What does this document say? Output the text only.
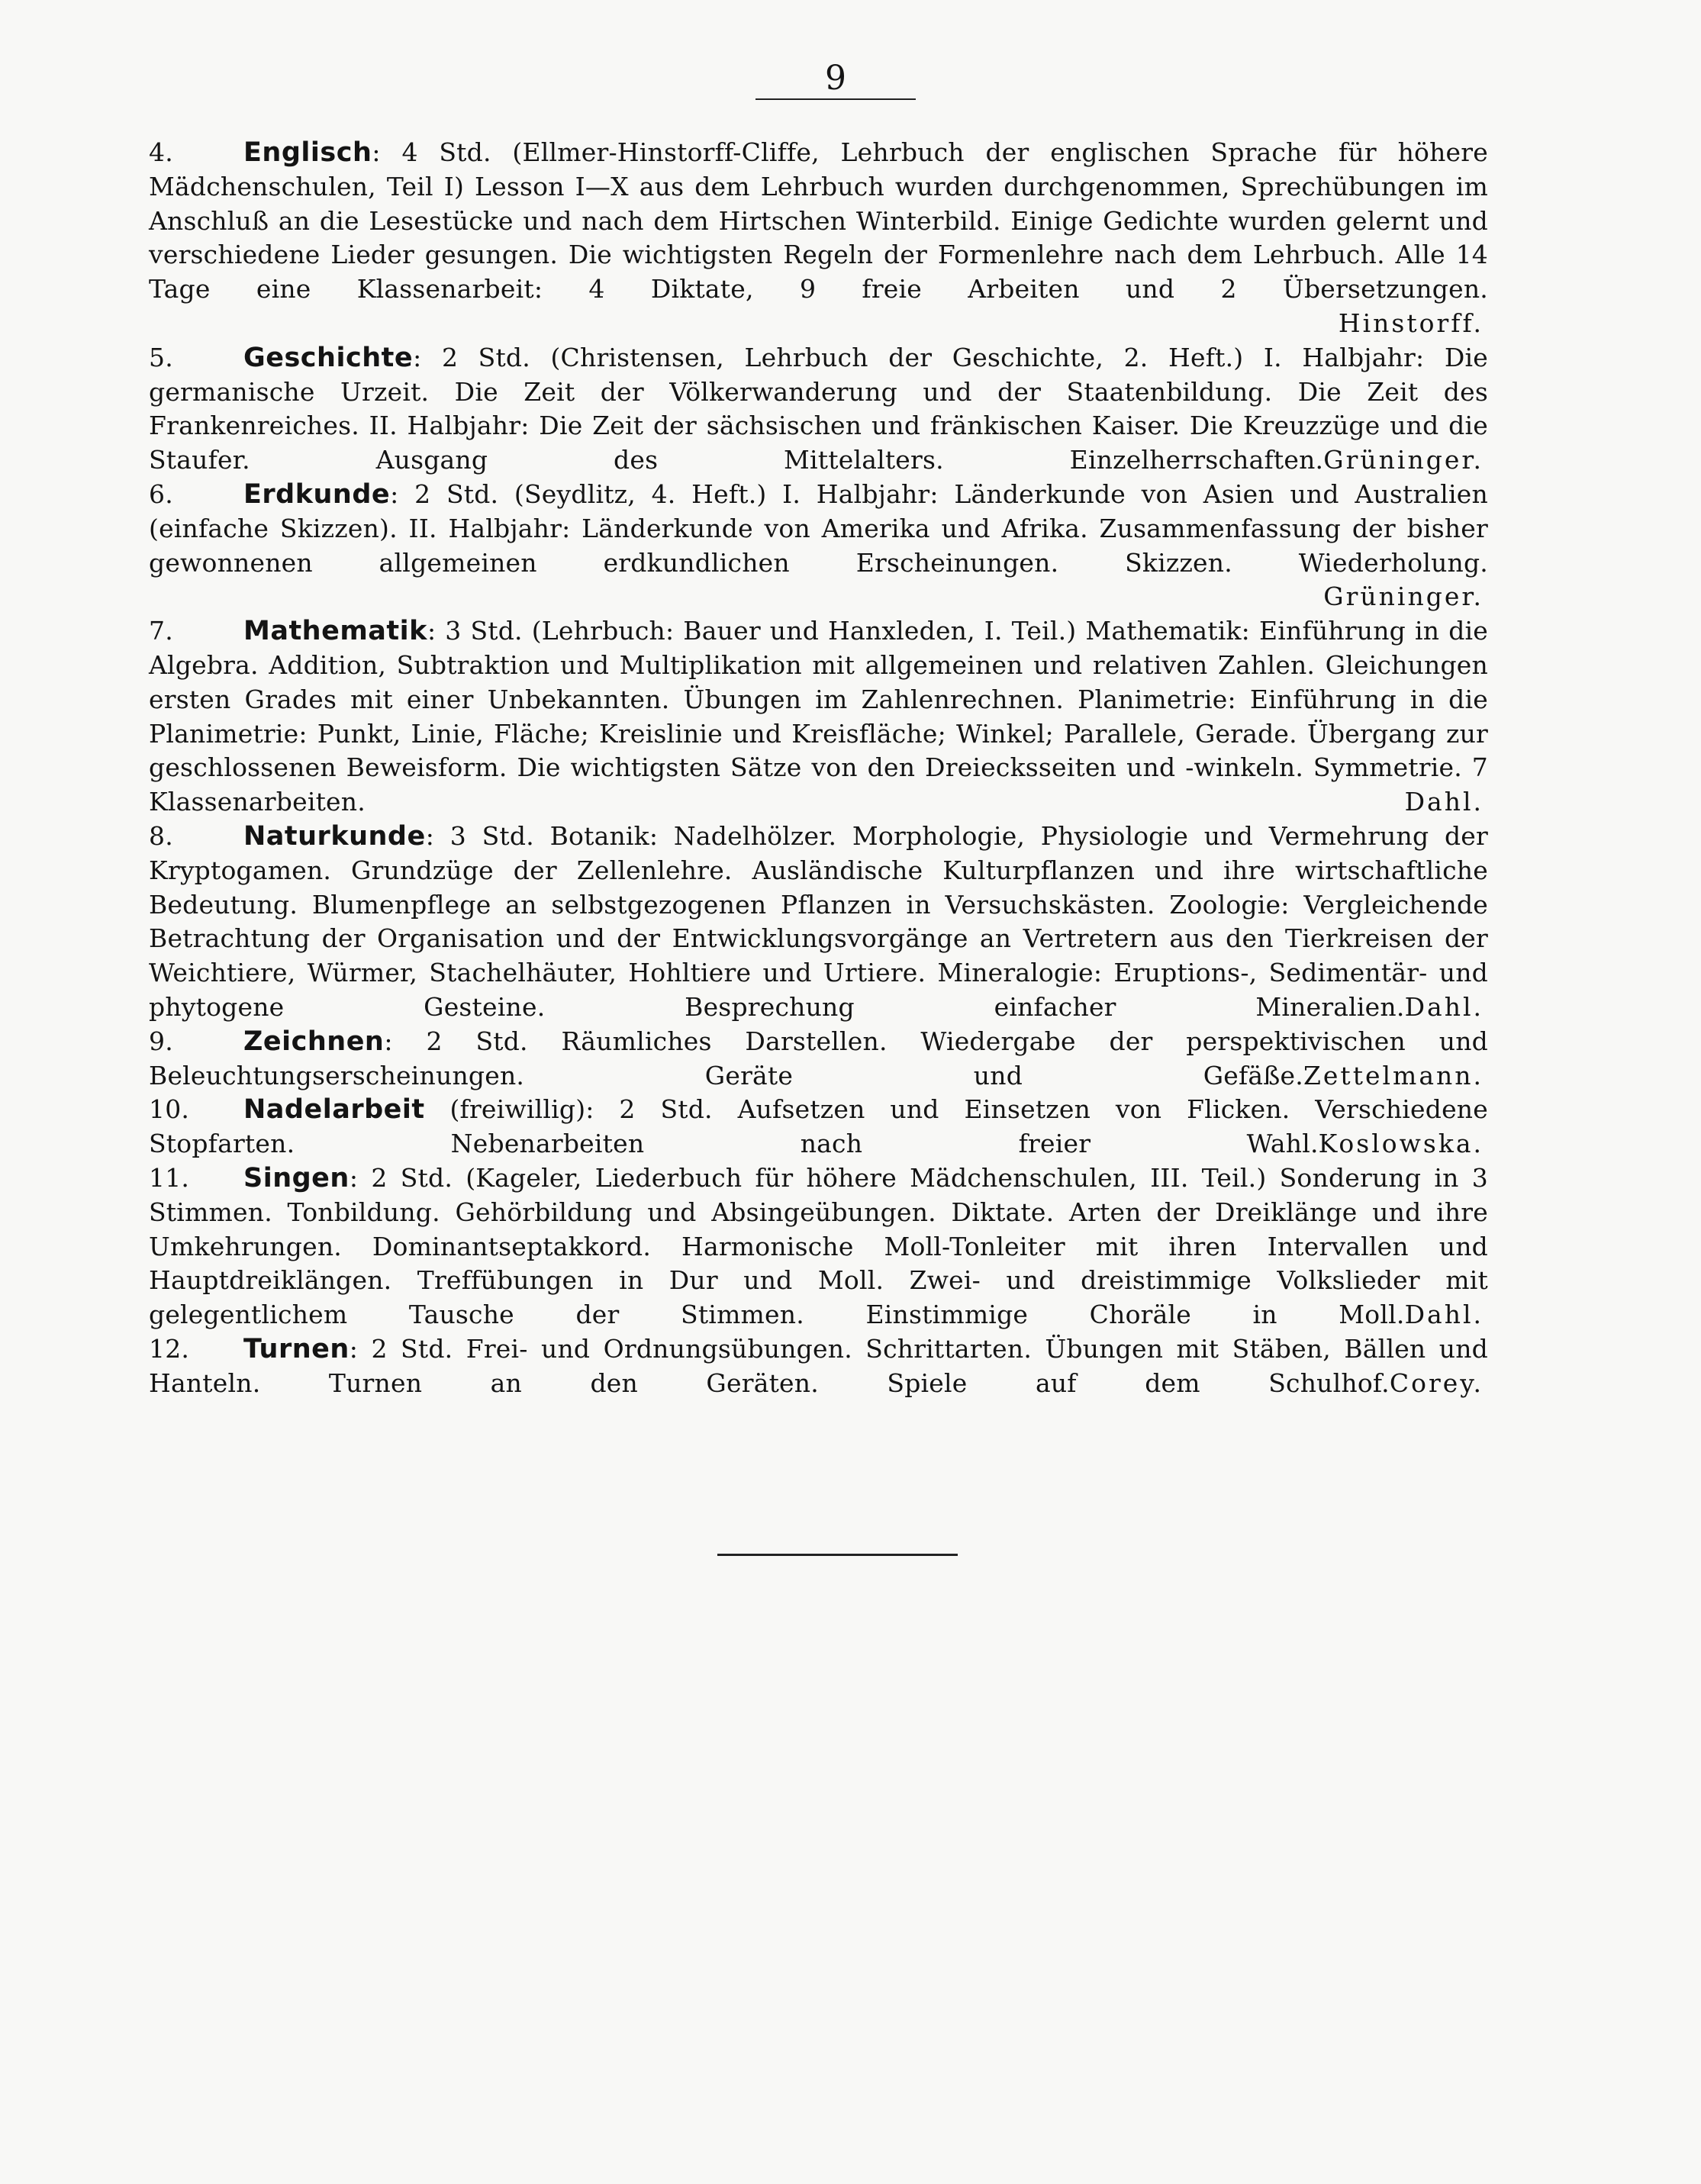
9

4.	Englisch: 4 Std. (Ellmer-Hinstorff-Cliffe, Lehrbuch der englischen Sprache für höhere Mädchenschulen, Teil I) Lesson I—X aus dem Lehrbuch wurden durchgenommen, Sprechübungen im Anschluß an die Lesestücke und nach dem Hirtschen Winterbild. Einige Gedichte wurden gelernt und verschiedene Lieder gesungen. Die wichtigsten Regeln der Formenlehre nach dem Lehrbuch. Alle 14 Tage eine Klassenarbeit: 4 Diktate, 9 freie Arbeiten und 2 Übersetzungen.

Hinstorff.

5.	Geschichte: 2 Std. (Christensen, Lehrbuch der Geschichte, 2. Heft.) I. Halbjahr: Die germanische Urzeit. Die Zeit der Völkerwanderung und der Staatenbildung. Die Zeit des Frankenreiches. II. Halbjahr: Die Zeit der sächsischen und fränkischen Kaiser. Die Kreuzzüge und die Staufer. Ausgang des Mittelalters. Einzelherrschaften. Grüninger.

6.	Erdkunde: 2 Std. (Seydlitz, 4. Heft.) I. Halbjahr: Länderkunde von Asien und Australien (einfache Skizzen). II. Halbjahr: Länderkunde von Amerika und Afrika. Zusammenfassung der bisher gewonnenen allgemeinen erdkundlichen Erscheinungen. Skizzen. Wiederholung.

Grüninger.

7.	Mathematik: 3 Std. (Lehrbuch: Bauer und Hanxleden, I. Teil.) Mathematik: Einführung in die Algebra. Addition, Subtraktion und Multiplikation mit allgemeinen und relativen Zahlen. Gleichungen ersten Grades mit einer Unbekannten. Übungen im Zahlenrechnen. Planimetrie: Einführung in die Planimetrie: Punkt, Linie, Fläche; Kreislinie und Kreisfläche; Winkel; Parallele, Gerade. Übergang zur geschlossenen Beweisform. Die wichtigsten Sätze von den Dreiecksseiten und -winkeln. Symmetrie. 7 Klassenarbeiten.	Dahl.

8.	Naturkunde: 3 Std. Botanik: Nadelhölzer. Morphologie, Physiologie und Vermehrung der Kryptogamen. Grundzüge der Zellenlehre. Ausländische Kulturpflanzen und ihre wirtschaftliche Bedeutung. Blumenpflege an selbstgezogenen Pflanzen in Versuchskästen. Zoologie: Vergleichende Betrachtung der Organisation und der Entwicklungsvorgänge an Vertretern aus den Tierkreisen der Weichtiere, Würmer, Stachelhäuter, Hohltiere und Urtiere. Mineralogie: Eruptions-, Sedimentär- und phytogene Gesteine. Besprechung einfacher Mineralien. Dahl.

9.	Zeichnen: 2 Std. Räumliches Darstellen. Wiedergabe der perspektivischen und Beleuchtungserscheinungen. Geräte und Gefäße. Zettelmann.

10. Nadelarbeit (freiwillig): 2 Std. Aufsetzen und Einsetzen von Flicken. Verschiedene Stopfarten. Nebenarbeiten nach freier Wahl. Koslowska.

11. Singen: 2 Std. (Kageler, Liederbuch für höhere Mädchenschulen, III. Teil.) Sonderung in 3 Stimmen. Tonbildung. Gehörbildung und Absingeübungen. Diktate. Arten der Dreiklänge und ihre Umkehrungen. Dominantseptakkord. Harmonische Moll-Tonleiter mit ihren Intervallen und Hauptdreiklängen. Treffübungen in Dur und Moll. Zwei- und dreistimmige Volkslieder mit gelegentlichem Tausche der Stimmen. Einstimmige Choräle in Moll. Dahl.

12. Turnen: 2 Std. Frei- und Ordnungsübungen. Schrittarten. Übungen mit Stäben, Bällen und Hanteln. Turnen an den Geräten. Spiele auf dem Schulhof. Corey.
